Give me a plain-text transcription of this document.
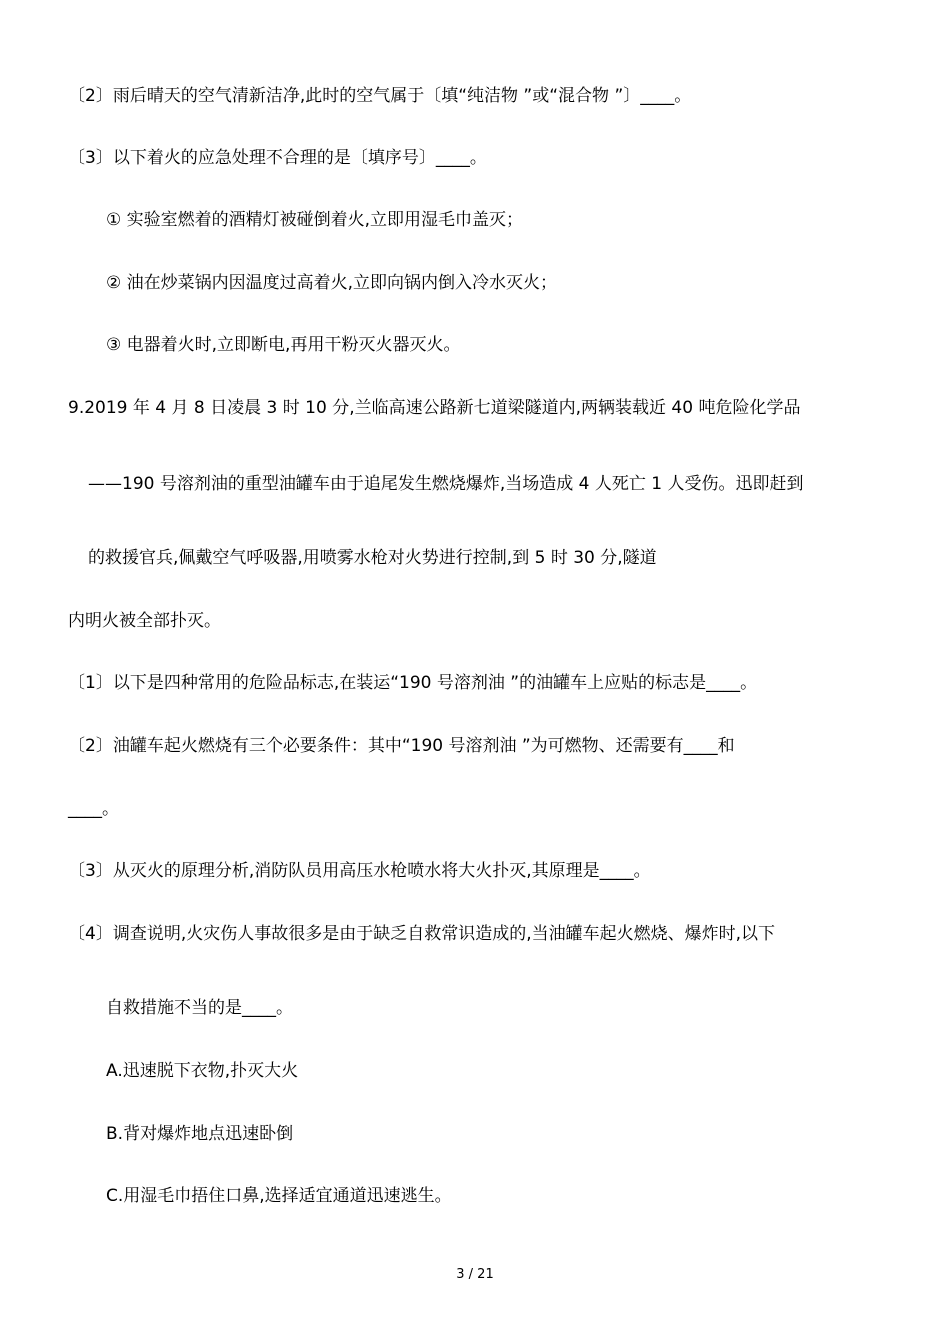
〔2〕雨后晴天的空气清新洁净,此时的空气属于〔填“纯洁物 ”或“混合物 ”〕____。
〔3〕以下着火的应急处理不合理的是〔填序号〕____。
① 实验室燃着的酒精灯被碰倒着火,立即用湿毛巾盖灭；
② 油在炒菜锅内因温度过高着火,立即向锅内倒入冷水灭火；
③ 电器着火时,立即断电,再用干粉灭火器灭火。
9.2019 年 4 月 8 日凌晨 3 时 10 分,兰临高速公路新七道梁隧道内,两辆装载近 40 吨危险化学品
——190 号溶剂油的重型油罐车由于追尾发生燃烧爆炸,当场造成 4 人死亡 1 人受伤。迅即赶到
的救援官兵,佩戴空气呼吸器,用喷雾水枪对火势进行控制,到 5 时 30 分,隧道
内明火被全部扑灭。
〔1〕以下是四种常用的危险品标志,在装运“190 号溶剂油 ”的油罐车上应贴的标志是____。
〔2〕油罐车起火燃烧有三个必要条件：其中“190 号溶剂油 ”为可燃物、还需要有____和
____。
〔3〕从灭火的原理分析,消防队员用高压水枪喷水将大火扑灭,其原理是____。
〔4〕调查说明,火灾伤人事故很多是由于缺乏自救常识造成的,当油罐车起火燃烧、爆炸时,以下
自救措施不当的是____。
A.迅速脱下衣物,扑灭大火
B.背对爆炸地点迅速卧倒
C.用湿毛巾捂住口鼻,选择适宜通道迅速逃生。
3 / 21
